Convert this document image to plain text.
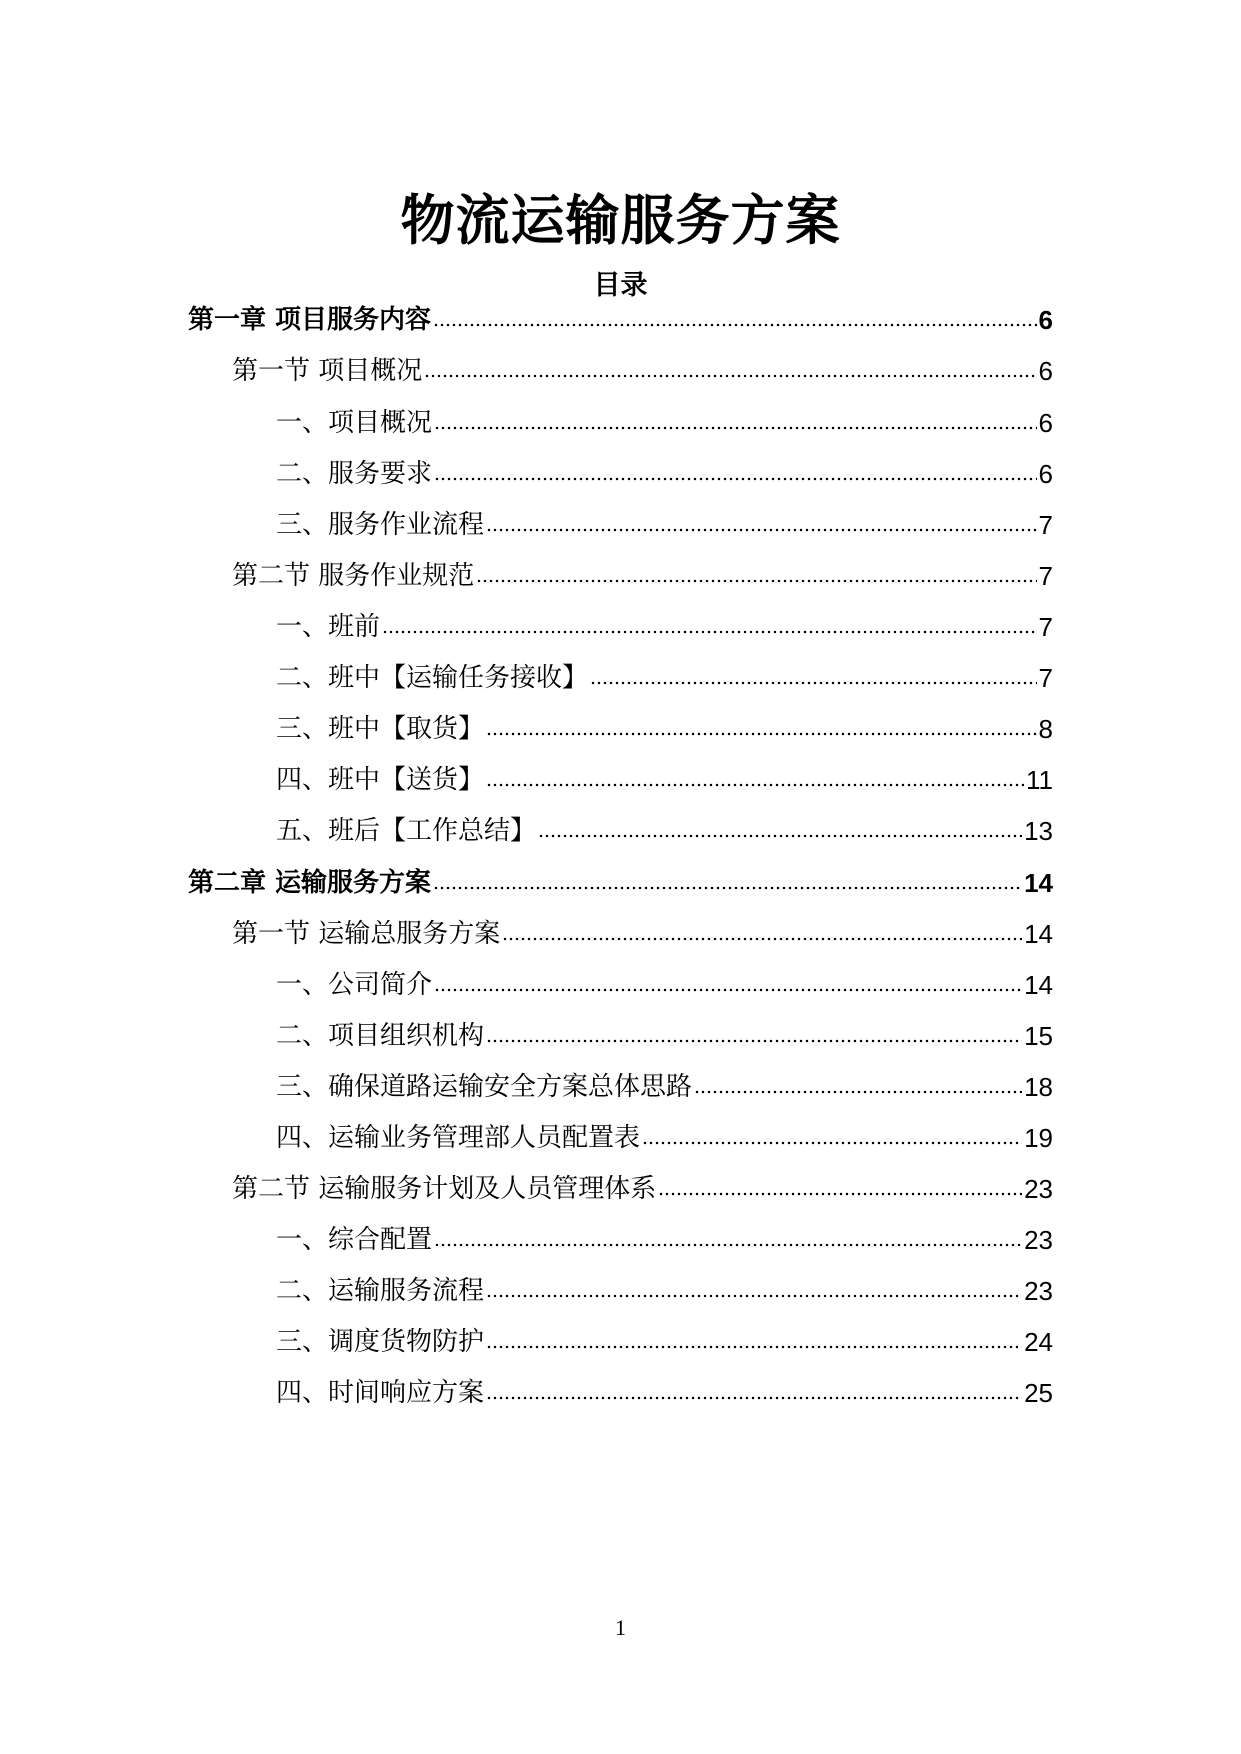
物流运输服务方案
目录
第一章 项目服务内容	6
第一节 项目概况	6
一、项目概况	6
二、服务要求	6
三、服务作业流程	7
第二节 服务作业规范	7
一、班前	7
二、班中【运输任务接收】	7
三、班中【取货】	8
四、班中【送货】	11
五、班后【工作总结】	13
第二章 运输服务方案	14
第一节 运输总服务方案	14
一、公司简介	14
二、项目组织机构	15
三、确保道路运输安全方案总体思路	18
四、运输业务管理部人员配置表	19
第二节 运输服务计划及人员管理体系	23
一、综合配置	23
二、运输服务流程	23
三、调度货物防护	24
四、时间响应方案	25
1
